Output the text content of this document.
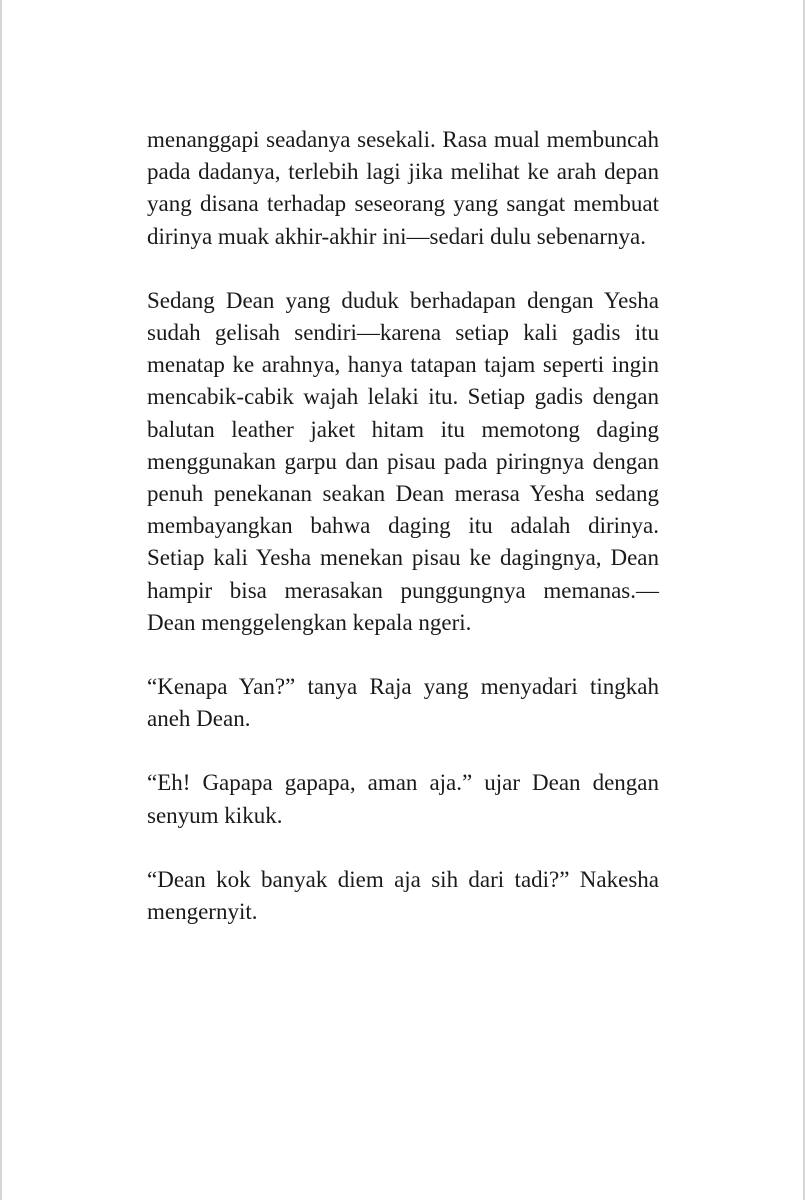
menanggapi seadanya sesekali. Rasa mual membuncah pada dadanya, terlebih lagi jika melihat ke arah depan yang disana terhadap seseorang yang sangat membuat dirinya muak akhir-akhir ini—sedari dulu sebenarnya.

Sedang Dean yang duduk berhadapan dengan Yesha sudah gelisah sendiri—karena setiap kali gadis itu menatap ke arahnya, hanya tatapan tajam seperti ingin mencabik-cabik wajah lelaki itu. Setiap gadis dengan balutan leather jaket hitam itu memotong daging menggunakan garpu dan pisau pada piringnya dengan penuh penekanan seakan Dean merasa Yesha sedang membayangkan bahwa daging itu adalah dirinya. Setiap kali Yesha menekan pisau ke dagingnya, Dean hampir bisa merasakan punggungnya memanas.—Dean menggelengkan kepala ngeri.

“Kenapa Yan?” tanya Raja yang menyadari tingkah aneh Dean.

“Eh! Gapapa gapapa, aman aja.” ujar Dean dengan senyum kikuk.

“Dean kok banyak diem aja sih dari tadi?” Nakesha mengernyit.
